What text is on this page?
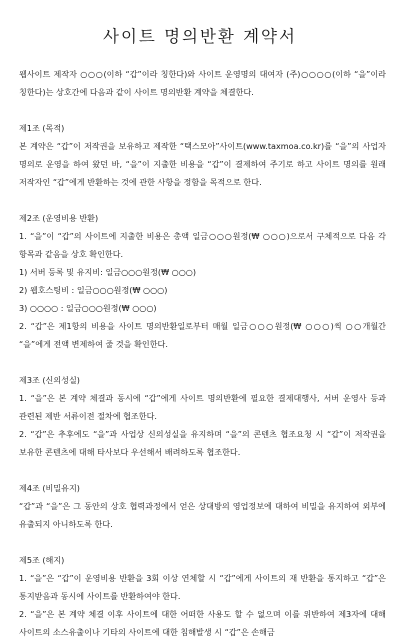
사이트 명의반환 계약서

웹사이트 제작자 ○○○(이하 “갑”이라 칭한다)와 사이트 운영명의 대여자 (주)○○○○(이하 “을”이라 칭한다)는 상호간에 다음과 같이 사이트 명의반환 계약을 체결한다.

제1조 (목적)

본 계약은 “갑”이 저작권을 보유하고 제작한 “택스모아”사이트(www.taxmoa.co.kr)를 “을”의 사업자 명의로 운영을 하여 왔던 바, “을”이 지출한 비용을 “갑”이 결제하여 주기로 하고 사이트 명의를 원래 저작자인 “갑”에게 반환하는 것에 관한 사항을 정함을 목적으로 한다.

제2조 (운영비용 반환)

1. “을”이 “갑”의 사이트에 지출한 비용은 총액 일금○○○원정(₩ ○○○)으로서 구체적으로 다음 각 항목과 같음을 상호 확인한다.

1) 서버 등록 및 유지비: 일금○○○원정(₩ ○○○)

2) 웹호스팅비 : 일금○○○원정(₩ ○○○)

3) ○○○○ : 일금○○○원정(₩ ○○○)

2. “갑”은 제1항의 비용을 사이트 명의반환일로부터 매월 일금○○○원정(₩ ○○○)씩 ○○개월간 “을”에게 전액 변제하여 줄 것을 확인한다.

제3조 (신의성실)

1. “을”은 본 계약 체결과 동시에 “갑”에게 사이트 명의반환에 필요한 결제대행사, 서버 운영사 등과 관련된 제반 서류이전 절차에 협조한다.

2. “갑”은 추후에도 “을”과 사업상 신의성실을 유지하며 “을”의 콘텐츠 협조요청 시 “갑”이 저작권을 보유한 콘텐츠에 대해 타사보다 우선해서 배려하도록 협조한다.

제4조 (비밀유지)

“갑”과 “을”은 그 동안의 상호 협력과정에서 얻은 상대방의 영업정보에 대하여 비밀을 유지하여 외부에 유출되지 아니하도록 한다.

제5조 (해지)

1. “을”은 “갑”이 운영비용 반환을 3회 이상 연체할 시 “갑”에게 사이트의 재 반환을 통지하고 “갑”은 통지받음과 동시에 사이트를 반환하여야 한다.

2. “을”은 본 계약 체결 이후 사이트에 대한 어떠한 사용도 할 수 없으며 이를 위반하여 제3자에 대해 사이트의 소스유출이나 기타의 사이트에 대한 침해발생 시 “갑”은 손해금
